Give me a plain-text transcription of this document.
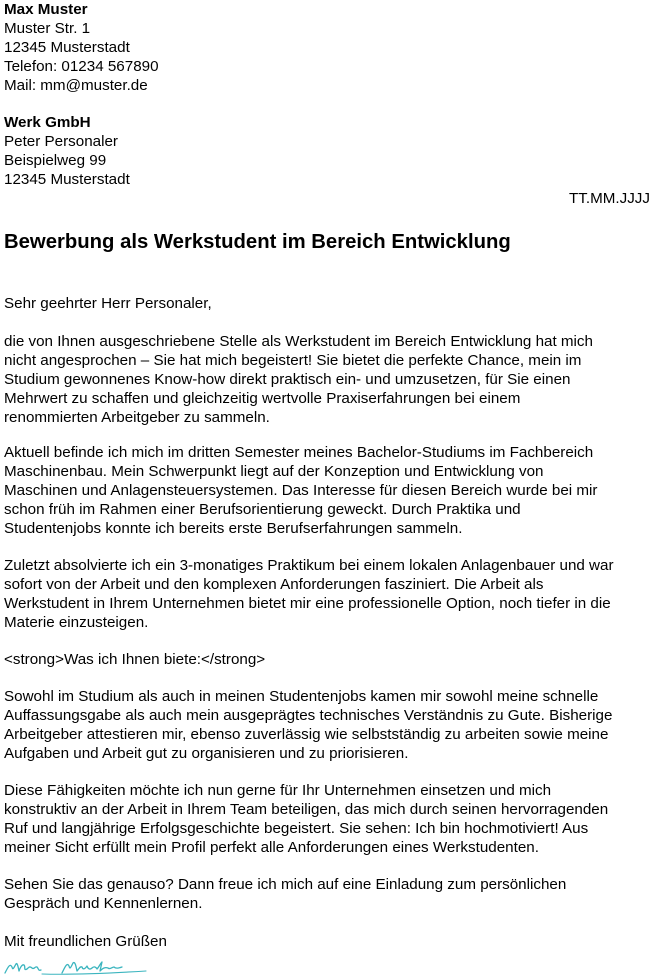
Max Muster
Muster Str. 1
12345 Musterstadt
Telefon: 01234 567890
Mail: mm@muster.de
Werk GmbH
Peter Personaler
Beispielweg 99
12345 Musterstadt
TT.MM.JJJJ
Bewerbung als Werkstudent im Bereich Entwicklung
Sehr geehrter Herr Personaler,
die von Ihnen ausgeschriebene Stelle als Werkstudent im Bereich Entwicklung hat mich
nicht angesprochen – Sie hat mich begeistert! Sie bietet die perfekte Chance, mein im
Studium gewonnenes Know-how direkt praktisch ein- und umzusetzen, für Sie einen
Mehrwert zu schaffen und gleichzeitig wertvolle Praxiserfahrungen bei einem
renommierten Arbeitgeber zu sammeln.
Aktuell befinde ich mich im dritten Semester meines Bachelor-Studiums im Fachbereich
Maschinenbau. Mein Schwerpunkt liegt auf der Konzeption und Entwicklung von
Maschinen und Anlagensteuersystemen. Das Interesse für diesen Bereich wurde bei mir
schon früh im Rahmen einer Berufsorientierung geweckt. Durch Praktika und
Studentenjobs konnte ich bereits erste Berufserfahrungen sammeln.
Zuletzt absolvierte ich ein 3-monatiges Praktikum bei einem lokalen Anlagenbauer und war
sofort von der Arbeit und den komplexen Anforderungen fasziniert. Die Arbeit als
Werkstudent in Ihrem Unternehmen bietet mir eine professionelle Option, noch tiefer in die
Materie einzusteigen.
<strong>Was ich Ihnen biete:</strong>
Sowohl im Studium als auch in meinen Studentenjobs kamen mir sowohl meine schnelle
Auffassungsgabe als auch mein ausgeprägtes technisches Verständnis zu Gute. Bisherige
Arbeitgeber attestieren mir, ebenso zuverlässig wie selbstständig zu arbeiten sowie meine
Aufgaben und Arbeit gut zu organisieren und zu priorisieren.
Diese Fähigkeiten möchte ich nun gerne für Ihr Unternehmen einsetzen und mich
konstruktiv an der Arbeit in Ihrem Team beteiligen, das mich durch seinen hervorragenden
Ruf und langjährige Erfolgsgeschichte begeistert. Sie sehen: Ich bin hochmotiviert! Aus
meiner Sicht erfüllt mein Profil perfekt alle Anforderungen eines Werkstudenten.
Sehen Sie das genauso? Dann freue ich mich auf eine Einladung zum persönlichen
Gespräch und Kennenlernen.
Mit freundlichen Grüßen
